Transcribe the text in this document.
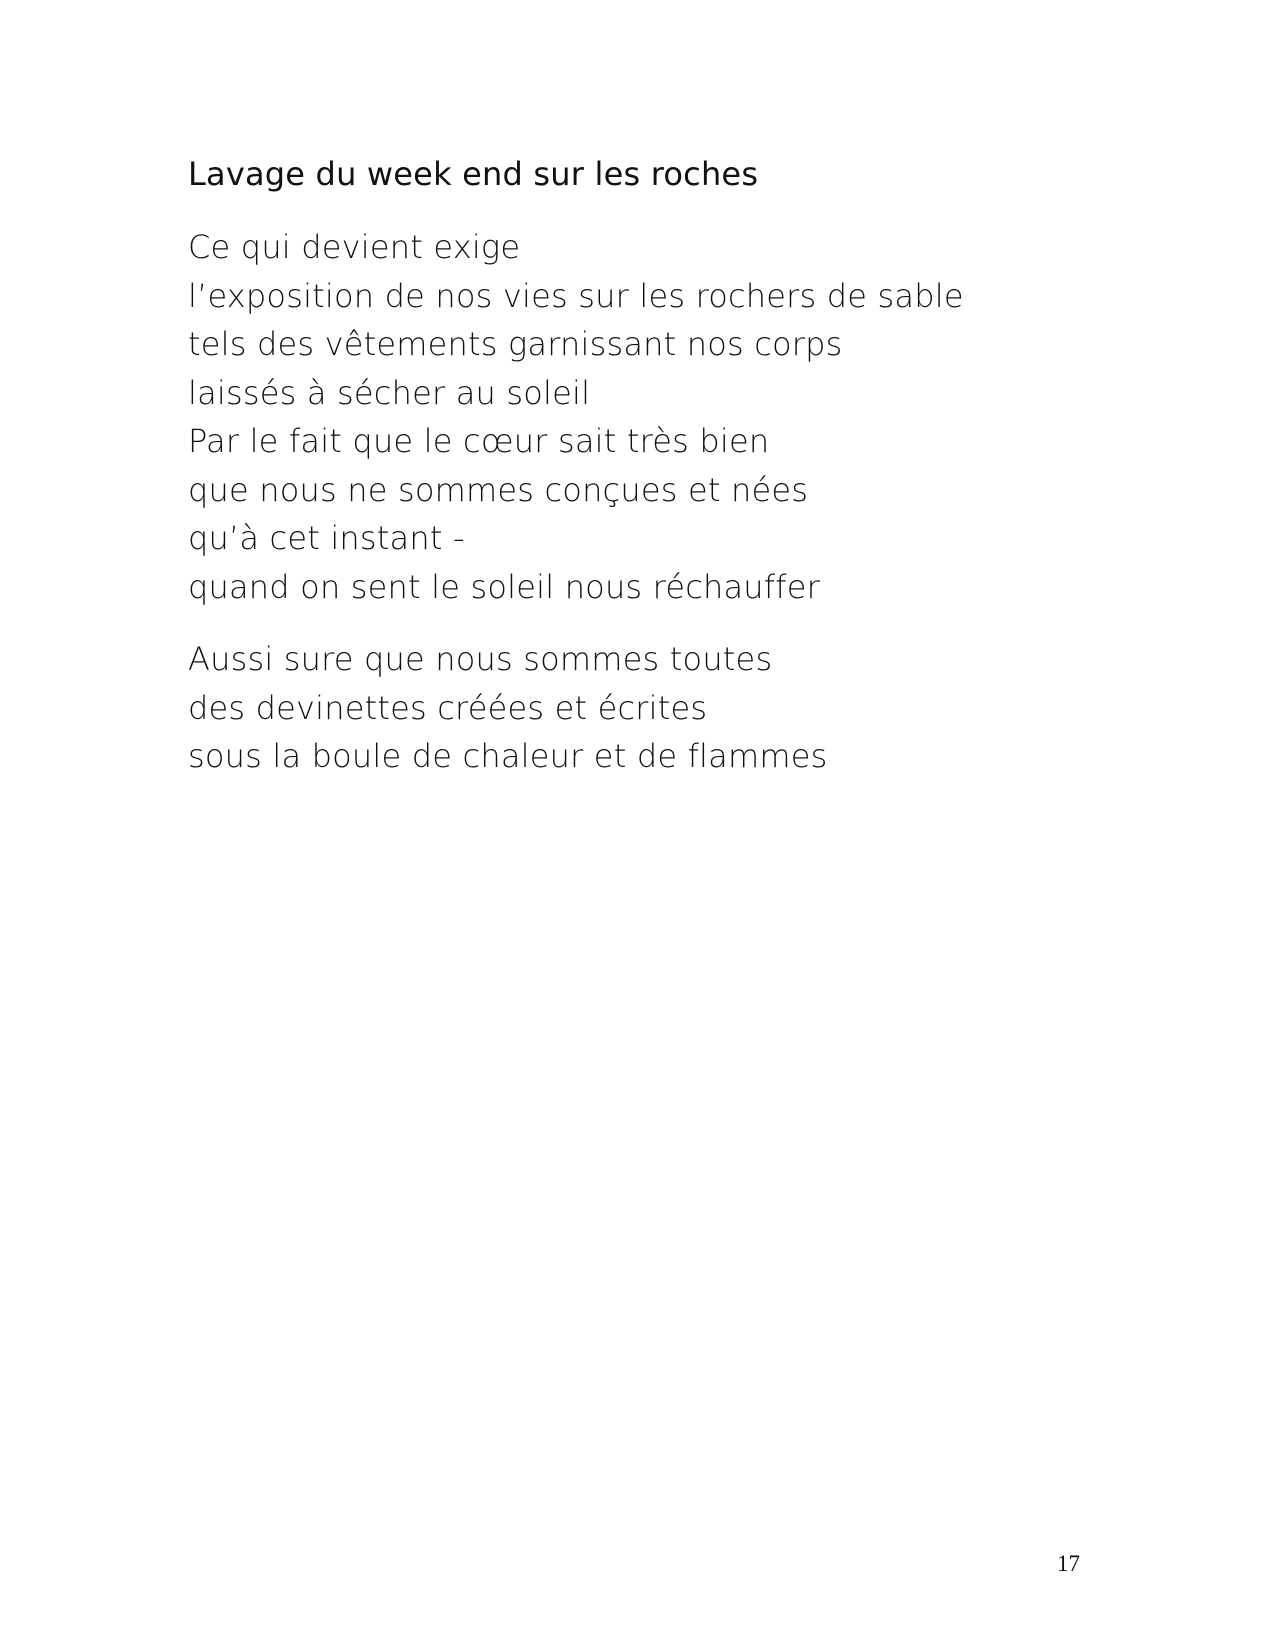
Lavage du week end sur les roches
Ce qui devient exige
l’exposition de nos vies sur les rochers de sable
tels des vêtements garnissant nos corps
laissés à sécher au soleil
Par le fait que le cœur sait très bien
que nous ne sommes conçues et nées
qu’à cet instant -
quand on sent le soleil nous réchauffer
Aussi sure que nous sommes toutes
des devinettes créées et écrites
sous la boule de chaleur et de flammes
17
